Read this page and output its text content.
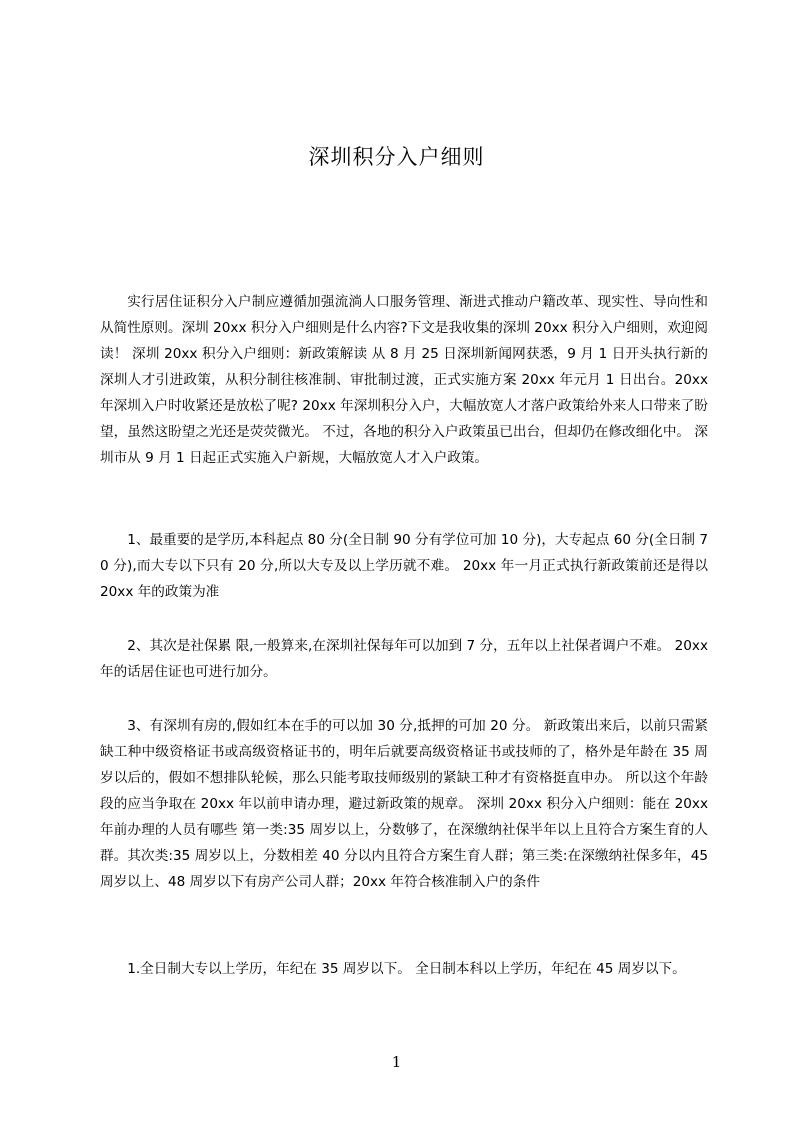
深圳积分入户细则

实行居住证积分入户制应遵循加强流淌人口服务管理、渐进式推动户籍改革、现实性、导向性和从简性原则。深圳 20xx 积分入户细则是什么内容?下文是我收集的深圳 20xx 积分入户细则，欢迎阅读！ 深圳 20xx 积分入户细则：新政策解读 从 8 月 25 日深圳新闻网获悉，9 月 1 日开头执行新的深圳人才引进政策，从积分制往核准制、审批制过渡，正式实施方案 20xx 年元月 1 日出台。20xx 年深圳入户时收紧还是放松了呢? 20xx 年深圳积分入户，大幅放宽人才落户政策给外来人口带来了盼望，虽然这盼望之光还是荧荧微光。 不过，各地的积分入户政策虽已出台，但却仍在修改细化中。 深圳市从 9 月 1 日起正式实施入户新规，大幅放宽人才入户政策。

1、最重要的是学历,本科起点 80 分(全日制 90 分有学位可加 10 分)，大专起点 60 分(全日制 70 分),而大专以下只有 20 分,所以大专及以上学历就不难。 20xx 年一月正式执行新政策前还是得以 20xx 年的政策为准

2、其次是社保累 限,一般算来,在深圳社保每年可以加到 7 分，五年以上社保者调户不难。 20xx 年的话居住证也可进行加分。

3、有深圳有房的,假如红本在手的可以加 30 分,抵押的可加 20 分。 新政策出来后，以前只需紧缺工种中级资格证书或高级资格证书的，明年后就要高级资格证书或技师的了，格外是年龄在 35 周岁以后的，假如不想排队轮候，那么只能考取技师级别的紧缺工种才有资格挺直申办。 所以这个年龄段的应当争取在 20xx 年以前申请办理，避过新政策的规章。 深圳 20xx 积分入户细则：能在 20xx 年前办理的人员有哪些 第一类:35 周岁以上，分数够了，在深缴纳社保半年以上且符合方案生育的人群。其次类:35 周岁以上，分数相差 40 分以内且符合方案生育人群；第三类:在深缴纳社保多年，45 周岁以上、48 周岁以下有房产公司人群；20xx 年符合核准制入户的条件

1.全日制大专以上学历，年纪在 35 周岁以下。 全日制本科以上学历，年纪在 45 周岁以下。

1
